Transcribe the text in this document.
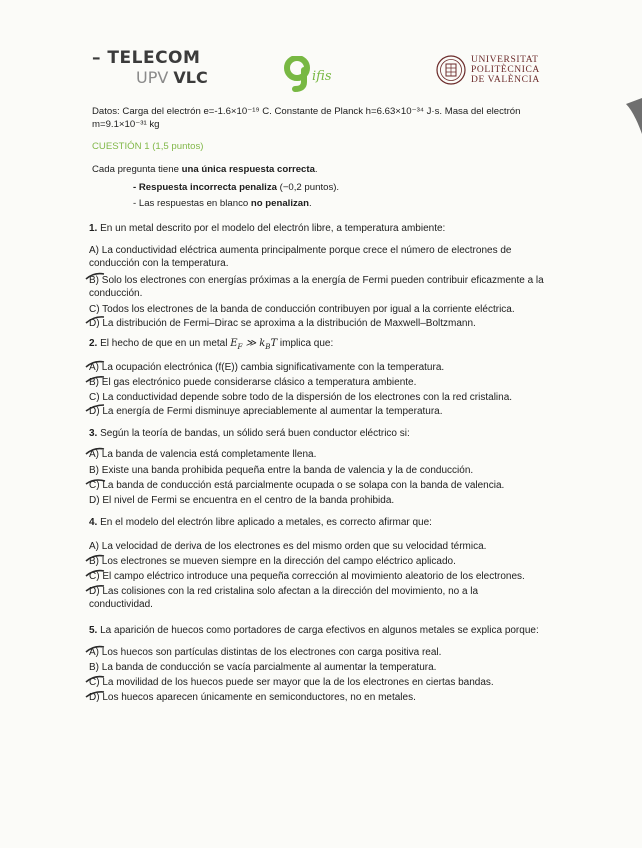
– TELECOM
UPV VLC	ifis
UNIVERSITAT
POLITÈCNICA
DE VALÈNCIA
Datos: Carga del electrón e=-1.6×10⁻¹⁹ C. Constante de Planck h=6.63×10⁻³⁴ J·s. Masa del electrón
m=9.1×10⁻³¹ kg
CUESTIÓN 1 (1,5 puntos)
Cada pregunta tiene una única respuesta correcta.
- Respuesta incorrecta penaliza (−0,2 puntos).
- Las respuestas en blanco no penalizan.
1. En un metal descrito por el modelo del electrón libre, a temperatura ambiente:
A) La conductividad eléctrica aumenta principalmente porque crece el número de electrones de conducción con la temperatura.
B) Solo los electrones con energías próximas a la energía de Fermi pueden contribuir eficazmente a la conducción.
C) Todos los electrones de la banda de conducción contribuyen por igual a la corriente eléctrica.
D) La distribución de Fermi–Dirac se aproxima a la distribución de Maxwell–Boltzmann.
2. El hecho de que en un metal $E_F$ ≫ $k_BT$ implica que:
A) La ocupación electrónica (f(E)) cambia significativamente con la temperatura.
B) El gas electrónico puede considerarse clásico a temperatura ambiente.
C) La conductividad depende sobre todo de la dispersión de los electrones con la red cristalina.
D) La energía de Fermi disminuye apreciablemente al aumentar la temperatura.
3. Según la teoría de bandas, un sólido será buen conductor eléctrico si:
A) La banda de valencia está completamente llena.
B) Existe una banda prohibida pequeña entre la banda de valencia y la de conducción.
C) La banda de conducción está parcialmente ocupada o se solapa con la banda de valencia.
D) El nivel de Fermi se encuentra en el centro de la banda prohibida.
4. En el modelo del electrón libre aplicado a metales, es correcto afirmar que:
A) La velocidad de deriva de los electrones es del mismo orden que su velocidad térmica.
B) Los electrones se mueven siempre en la dirección del campo eléctrico aplicado.
C) El campo eléctrico introduce una pequeña corrección al movimiento aleatorio de los electrones.
D) Las colisiones con la red cristalina solo afectan a la dirección del movimiento, no a la conductividad.
5. La aparición de huecos como portadores de carga efectivos en algunos metales se explica porque:
A) Los huecos son partículas distintas de los electrones con carga positiva real.
B) La banda de conducción se vacía parcialmente al aumentar la temperatura.
C) La movilidad de los huecos puede ser mayor que la de los electrones en ciertas bandas.
D) Los huecos aparecen únicamente en semiconductores, no en metales.
